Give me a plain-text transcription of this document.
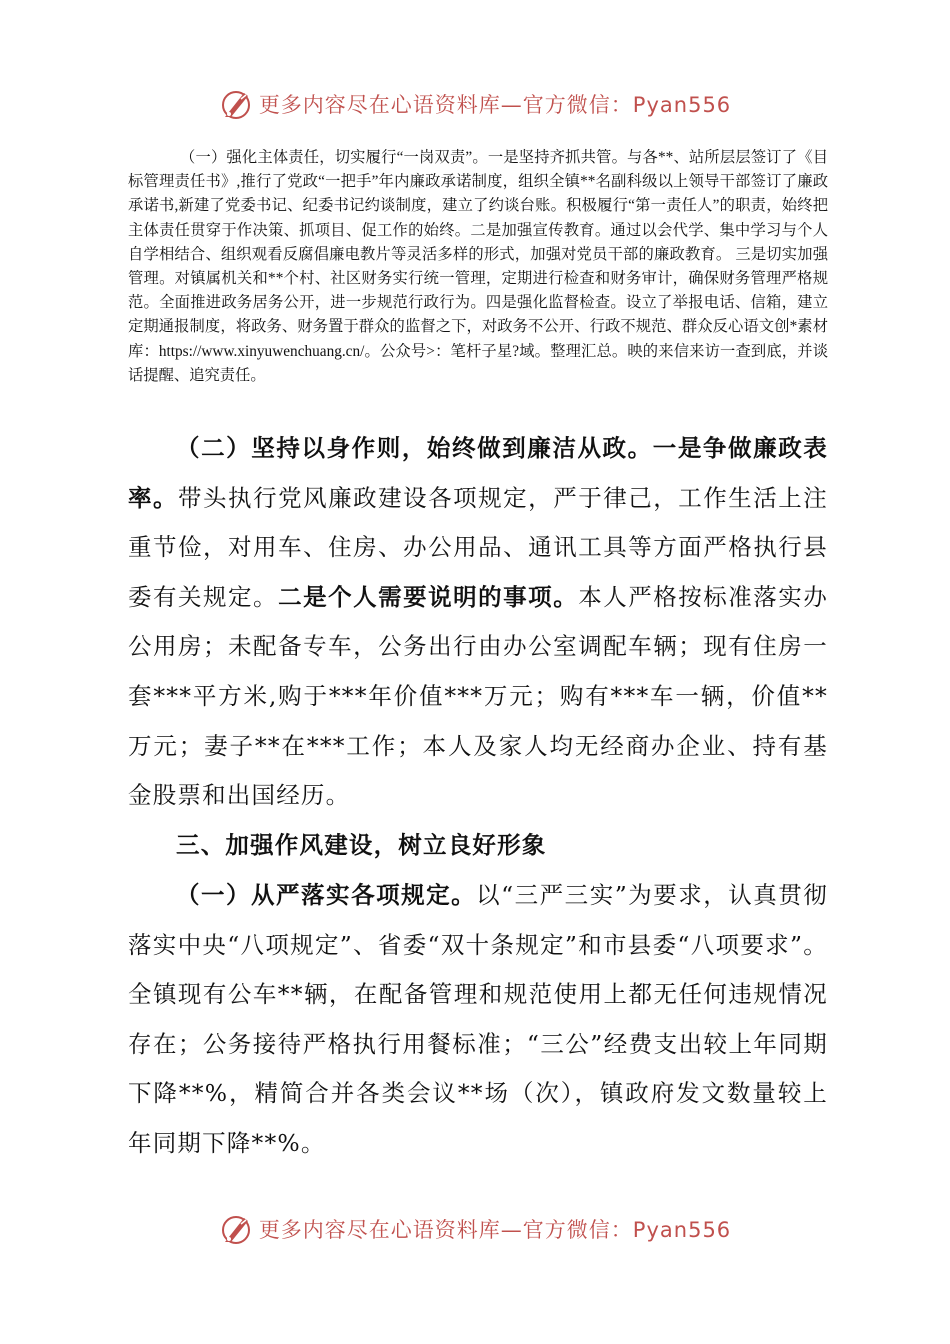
更多内容尽在心语资料库—官方微信：Pyan556

（一）强化主体责任，切实履行“一岗双责”。一是坚持齐抓共管。与各**、站所层层签订了《目标管理责任书》,推行了党政“一把手”年内廉政承诺制度，组织全镇**名副科级以上领导干部签订了廉政承诺书,新建了党委书记、纪委书记约谈制度，建立了约谈台账。积极履行“第一责任人”的职责，始终把主体责任贯穿于作决策、抓项目、促工作的始终。二是加强宣传教育。通过以会代学、集中学习与个人自学相结合、组织观看反腐倡廉电教片等灵活多样的形式，加强对党员干部的廉政教育。 三是切实加强管理。对镇属机关和**个村、社区财务实行统一管理，定期进行检查和财务审计，确保财务管理严格规范。全面推进政务居务公开，进一步规范行政行为。四是强化监督检查。设立了举报电话、信箱，建立定期通报制度，将政务、财务置于群众的监督之下，对政务不公开、行政不规范、群众反心语文创*素材库：https://www.xinyuwenchuang.cn/。公众号>：笔杆子星?域。整理汇总。映的来信来访一查到底，并谈话提醒、追究责任。

（二）坚持以身作则，始终做到廉洁从政。一是争做廉政表率。带头执行党风廉政建设各项规定，严于律己，工作生活上注重节俭，对用车、住房、办公用品、通讯工具等方面严格执行县委有关规定。二是个人需要说明的事项。本人严格按标准落实办公用房；未配备专车，公务出行由办公室调配车辆；现有住房一套***平方米,购于***年价值***万元；购有***车一辆，价值**万元；妻子**在***工作；本人及家人均无经商办企业、持有基金股票和出国经历。

三、加强作风建设，树立良好形象

（一）从严落实各项规定。以“三严三实”为要求，认真贯彻落实中央“八项规定”、省委“双十条规定”和市县委“八项要求”。全镇现有公车**辆，在配备管理和规范使用上都无任何违规情况存在；公务接待严格执行用餐标准；“三公”经费支出较上年同期下降**%，精简合并各类会议**场（次），镇政府发文数量较上年同期下降**%。

更多内容尽在心语资料库—官方微信：Pyan556
